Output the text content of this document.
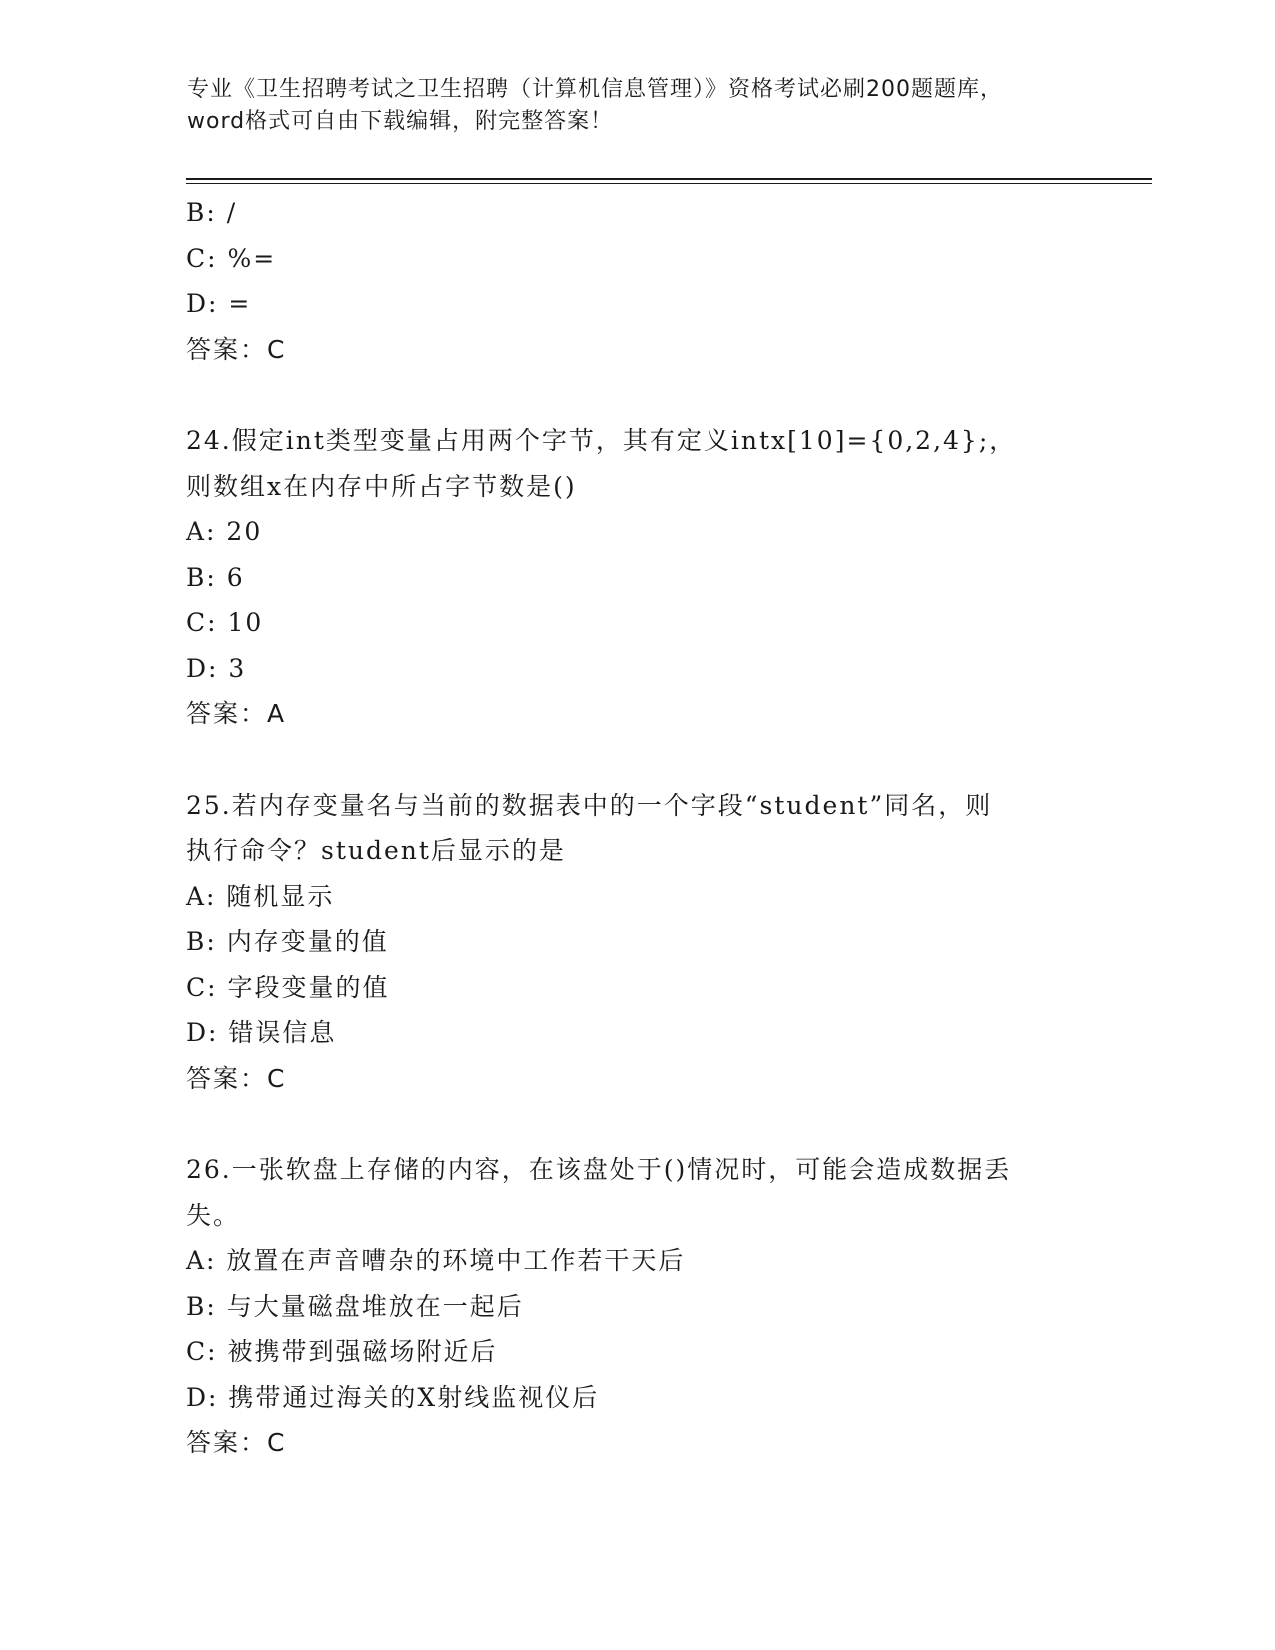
专业《卫生招聘考试之卫生招聘（计算机信息管理）》资格考试必刷200题题库，
word格式可自由下载编辑，附完整答案！
B: /
C: %=
D: =
答案：C
24.假定int类型变量占用两个字节，其有定义intx[10]={0,2,4};，
则数组x在内存中所占字节数是()
A: 20
B: 6
C: 10
D: 3
答案：A
25.若内存变量名与当前的数据表中的一个字段“student”同名，则
执行命令？student后显示的是
A: 随机显示
B: 内存变量的值
C: 字段变量的值
D: 错误信息
答案：C
26.一张软盘上存储的内容，在该盘处于()情况时，可能会造成数据丢
失。
A: 放置在声音嘈杂的环境中工作若干天后
B: 与大量磁盘堆放在一起后
C: 被携带到强磁场附近后
D: 携带通过海关的X射线监视仪后
答案：C
